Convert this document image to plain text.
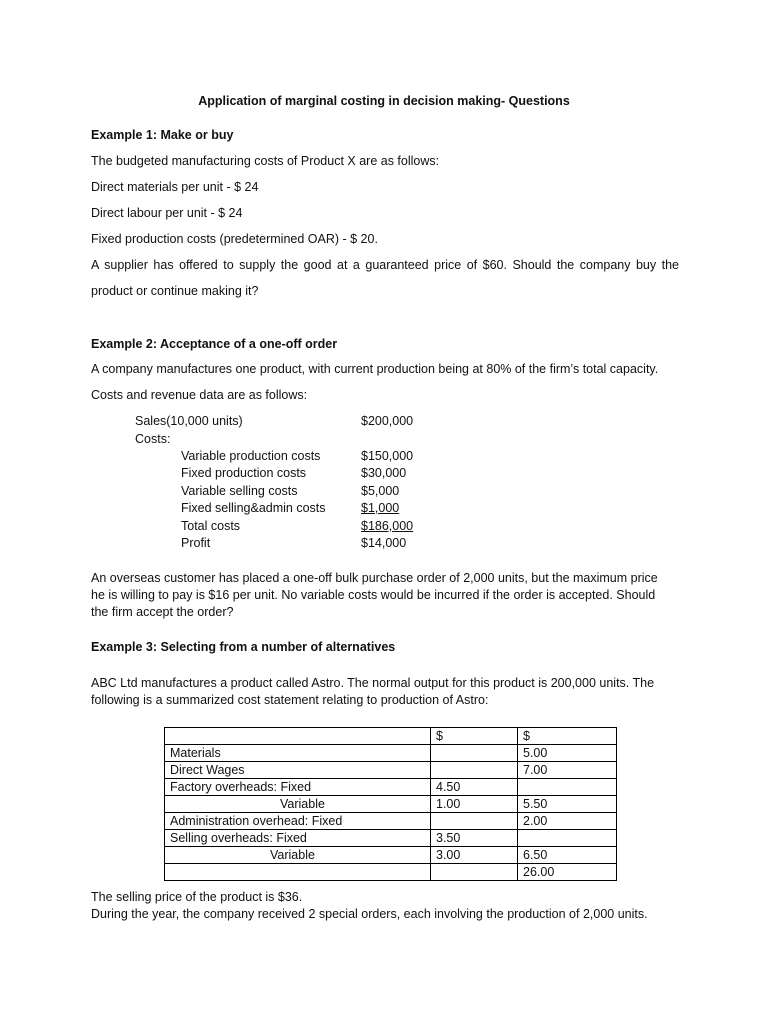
Application of marginal costing in decision making- Questions
Example 1: Make or buy
The budgeted manufacturing costs of Product X are as follows:
Direct materials per unit - $ 24
Direct labour per unit - $ 24
Fixed production costs (predetermined OAR) - $ 20.
A supplier has offered to supply the good at a guaranteed price of $60. Should the company buy the
product or continue making it?
Example 2: Acceptance of a one-off order
A company manufactures one product, with current production being at 80% of the firm’s total capacity.
Costs and revenue data are as follows:
Sales(10,000 units)	$200,000
Costs:
Variable production costs	$150,000
Fixed production costs	$30,000
Variable selling costs	$5,000
Fixed selling&admin costs	$1,000
Total costs	$186,000
Profit	$14,000
An overseas customer has placed a one-off bulk purchase order of 2,000 units, but the maximum price
he is willing to pay is $16 per unit. No variable costs would be incurred if the order is accepted. Should
the firm accept the order?
Example 3: Selecting from a number of alternatives
ABC Ltd manufactures a product called Astro. The normal output for this product is 200,000 units. The
following is a summarized cost statement relating to production of Astro:
	$	$
Materials		5.00
Direct Wages		7.00
Factory overheads: Fixed	4.50	
Variable	1.00	5.50
Administration overhead: Fixed		2.00
Selling overheads: Fixed	3.50	
Variable	3.00	6.50
		26.00
The selling price of the product is $36.
During the year, the company received 2 special orders, each involving the production of 2,000 units.
